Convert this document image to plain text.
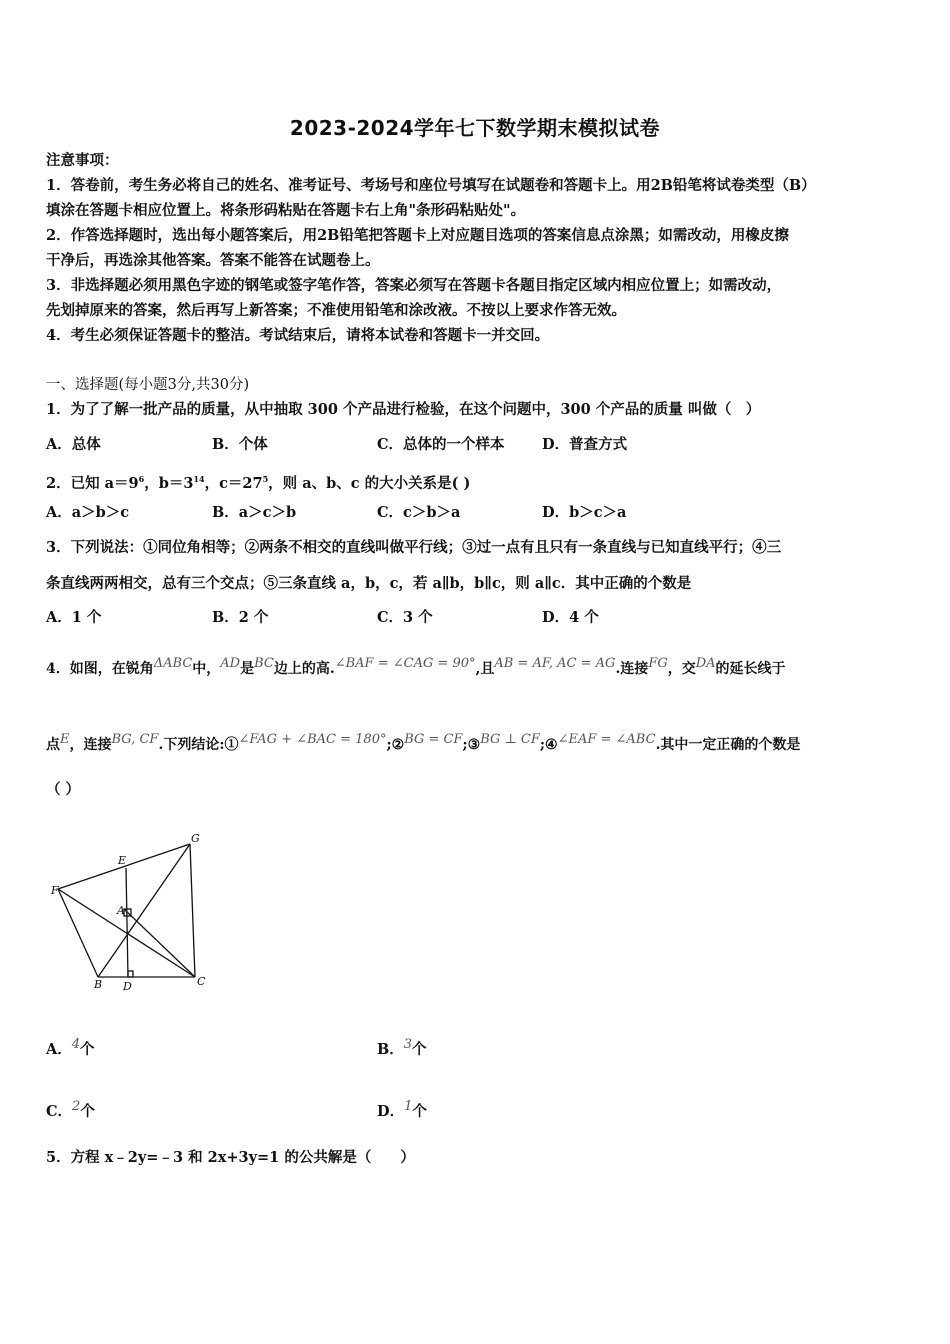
2023-2024学年七下数学期末模拟试卷
注意事项：
1．答卷前，考生务必将自己的姓名、准考证号、考场号和座位号填写在试题卷和答题卡上。用2B铅笔将试卷类型（B）
填涂在答题卡相应位置上。将条形码粘贴在答题卡右上角"条形码粘贴处"。
2．作答选择题时，选出每小题答案后，用2B铅笔把答题卡上对应题目选项的答案信息点涂黑；如需改动，用橡皮擦
干净后，再选涂其他答案。答案不能答在试题卷上。
3．非选择题必须用黑色字迹的钢笔或签字笔作答，答案必须写在答题卡各题目指定区域内相应位置上；如需改动，
先划掉原来的答案，然后再写上新答案；不准使用铅笔和涂改液。不按以上要求作答无效。
4．考生必须保证答题卡的整洁。考试结束后，请将本试卷和答题卡一并交回。
一、选择题(每小题3分,共30分)
1．为了了解一批产品的质量，从中抽取 300 个产品进行检验，在这个问题中，300 个产品的质量 叫做（　）
A．总体	B．个体	C．总体的一个样本	D．普查方式
2．已知 $a=9^6$，$b=3^{14}$，$c=27^5$，则 a、b、c 的大小关系是( )
A．a＞b＞c	B．a＞c＞b	C．c＞b＞a	D．b＞c＞a
3．下列说法：①同位角相等；②两条不相交的直线叫做平行线；③过一点有且只有一条直线与已知直线平行；④三
条直线两两相交，总有三个交点；⑤三条直线 a，b，c，若 a∥b，b∥c，则 a∥c．其中正确的个数是
A．1 个	B．2 个	C．3 个	D．4 个
4．如图，在锐角ΔABC中，AD是BC边上的高.∠BAF = ∠CAG = 90°,且AB = AF, AC = AG.连接FG，交DA的延长线于
点E，连接BG, CF.下列结论:①∠FAG + ∠BAC = 180°;②BG = CF;③BG ⊥ CF;④∠EAF = ∠ABC.其中一定正确的个数是
（ ）
G
E
F
A
B D	C
A．4个	B．3个
C．2个	D．1个
5．方程 x﹣2y=﹣3 和 2x+3y=1 的公共解是（　　）
